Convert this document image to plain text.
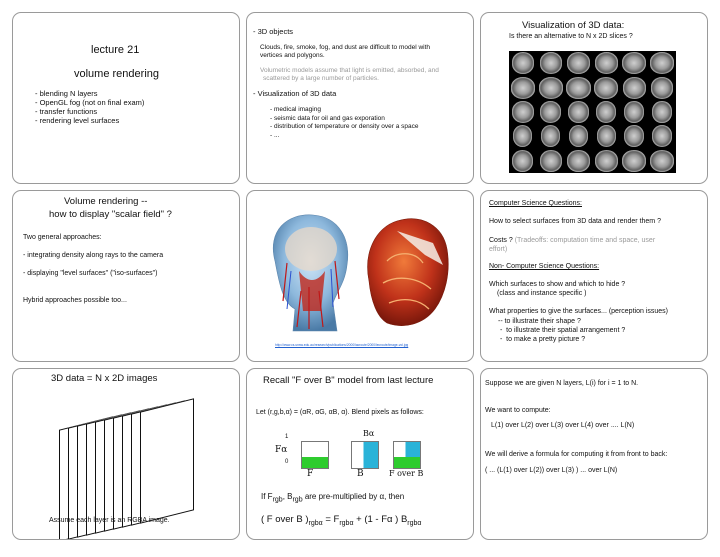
lecture 21
volume rendering
- blending N layers
- OpenGL fog (not on final exam)
- transfer functions
- rendering level surfaces
- 3D objects
Clouds, fire, smoke, fog, and dust are difficult to model with
vertices and polygons.
Volumetric models assume that light is emitted, absorbed, and
scattered by a large number of particles.
- Visualization of 3D data
- medical imaging
- seismic data for oil and gas exporation
- distribution of temperature or density over a space
- ...
Visualization of 3D data:
Is there an alternative to N x 2D slices ?
Volume rendering --
how to display "scalar field" ?
Two general approaches:
- integrating density along rays to the camera
- displaying "level surfaces" ("iso-surfaces")
Hybrid approaches possible too...
http://www.cs.unsw.edu.au/research/publications/2000/lacroute/2000/lecroute/image-vol.jpg
Computer Science Questions:
How to select surfaces from 3D data and render them ?
Costs ? (Tradeoffs: computation time and space, user
effort)
Non- Computer Science Questions:
Which surfaces to show and which to hide ?
(class and instance specific )
What properties to give the surfaces... (perception issues)
-- to illustrate their shape ?
-  to illustrate their spatial arrangement ?
-  to make a pretty picture ?
3D data = N x 2D images
Assume each layer is an RGBA image.
Recall "F over B" model from last lecture
Let (r,g,b,α) = (αR, αG, αB, α). Blend pixels as follows:
Fα
1
0
F	B
Bα
F over B
If $F_{rgb}$, $B_{rgb}$ are pre-multiplied by α, then
( F over B )$_{rgb\alpha} = F_{rgb\alpha} + (1 - F\alpha$ ) $B_{rgb\alpha}$
Suppose we are given N layers, L(i) for i = 1 to N.
We want to compute:
L(1) over L(2) over L(3) over L(4) over .... L(N)
We will derive a formula for computing it from front to back:
( ... (L(1) over L(2)) over L(3) ) ... over L(N)
